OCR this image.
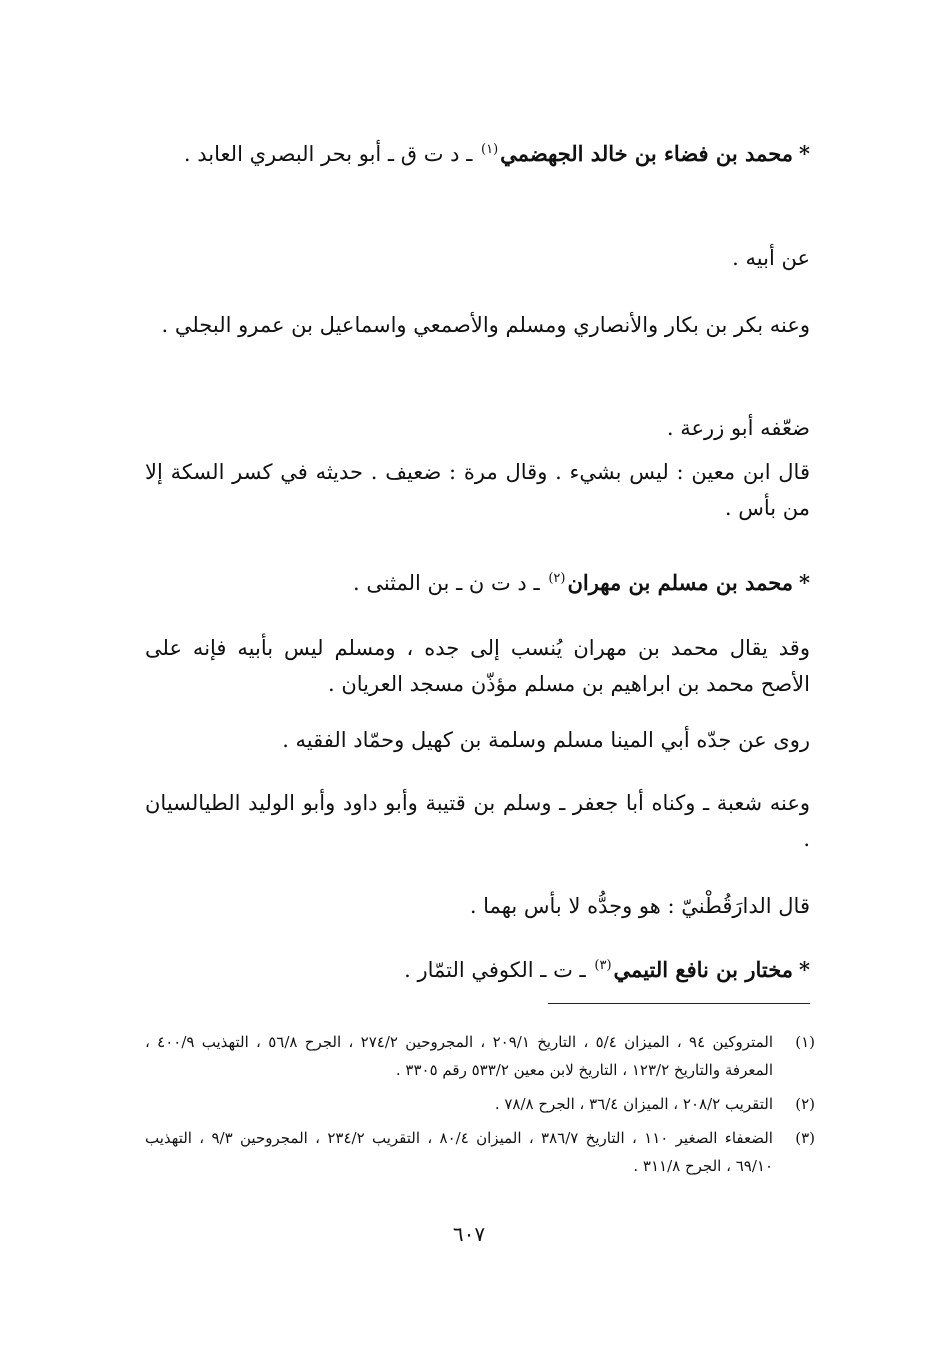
*محمد بن فضاء بن خالد الجهضمي$^{(١)}$ ـ د ت ق ـ أبو بحر البصري العابد .

عن أبيه .

وعنه بكر بن بكار والأنصاري ومسلم والأصمعي واسماعيل بن عمرو البجلي .

ضعّفه أبو زرعة .

قال ابن معين : ليس بشيء . وقال مرة : ضعيف . حديثه في كسر السكة إلا من بأس .

*محمد بن مسلم بن مهران$^{(٢)}$ ـ د ت ن ـ بن المثنى .

وقد يقال محمد بن مهران يُنسب إلى جده ، ومسلم ليس بأبيه فإنه على الأصح محمد بن ابراهيم بن مسلم مؤذّن مسجد العريان .

روى عن جدّه أبي المينا مسلم وسلمة بن كهيل وحمّاد الفقيه .

وعنه شعبة ـ وكناه أبا جعفر ـ وسلم بن قتيبة وأبو داود وأبو الوليد الطيالسيان .

قال الدارَقُطْنيّ : هو وجدُّه لا بأس بهما .

*مختار بن نافع التيمي$^{(٣)}$ ـ ت ـ الكوفي التمّار .

(١)
المتروكين ٩٤ ، الميزان ٥/٤ ، التاريخ ٢٠٩/١ ، المجروحين ٢٧٤/٢ ، الجرح ٥٦/٨ ، التهذيب ٤٠٠/٩ ، المعرفة والتاريخ ١٢٣/٢ ، التاريخ لابن معين ٥٣٣/٢ رقم ٣٣٠٥ .
(٢)
التقريب ٢٠٨/٢ ، الميزان ٣٦/٤ ، الجرح ٧٨/٨ .
(٣)
الضعفاء الصغير ١١٠ ، التاريخ ٣٨٦/٧ ، الميزان ٨٠/٤ ، التقريب ٢٣٤/٢ ، المجروحين ٩/٣ ، التهذيب ٦٩/١٠ ، الجرح ٣١١/٨ .
٦٠٧
